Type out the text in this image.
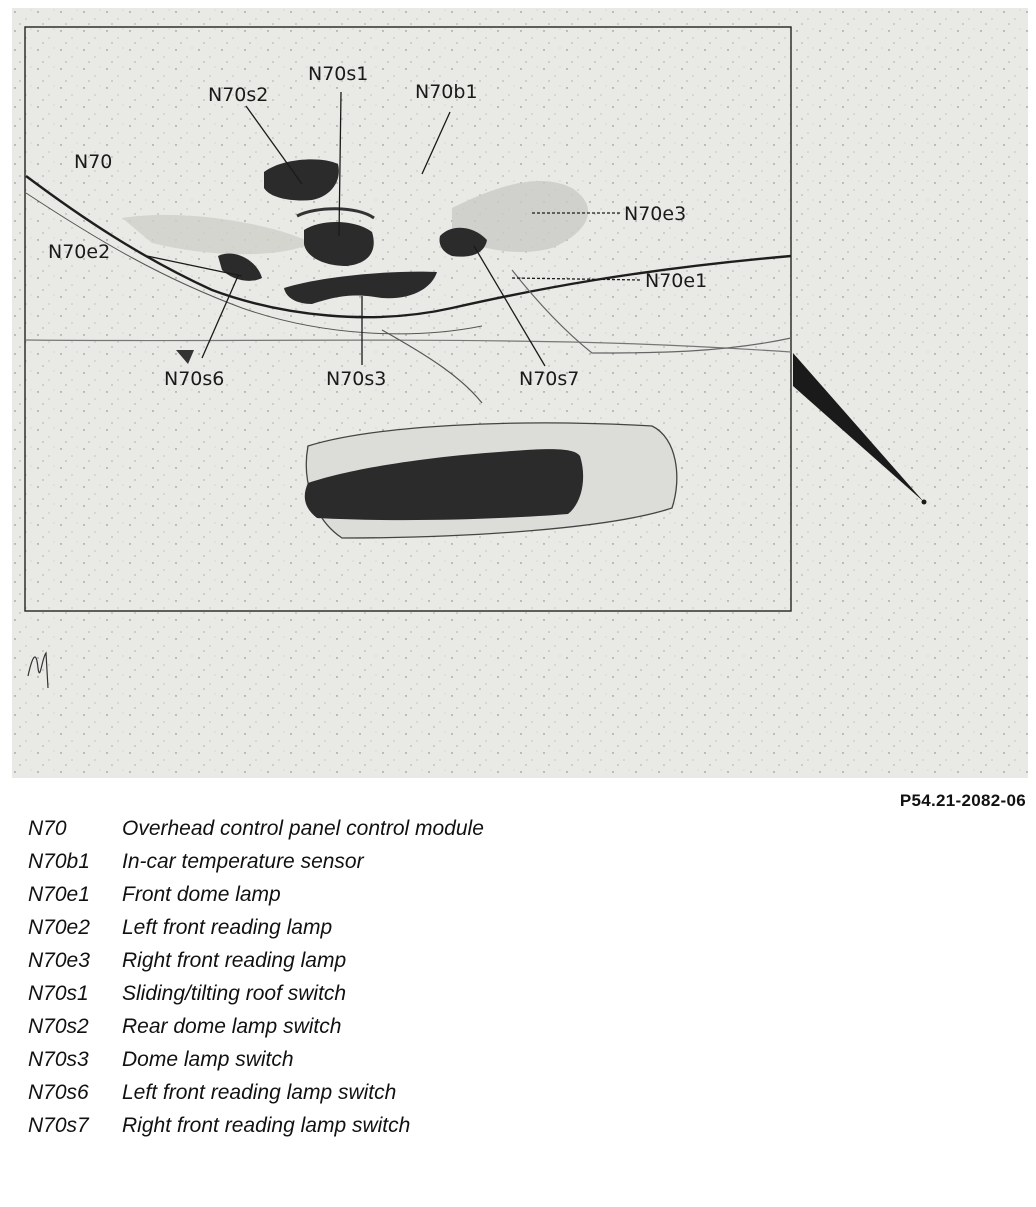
N70
N70s2
N70s1
N70b1
N70e3
N70e2
N70e1
N70s6	N70s3	N70s7
P54.21-2082-06
N70	Overhead control panel control module
N70b1	In-car temperature sensor
N70e1	Front dome lamp
N70e2	Left front reading lamp
N70e3	Right front reading lamp
N70s1	Sliding/tilting roof switch
N70s2	Rear dome lamp switch
N70s3	Dome lamp switch
N70s6	Left front reading lamp switch
N70s7	Right front reading lamp switch
